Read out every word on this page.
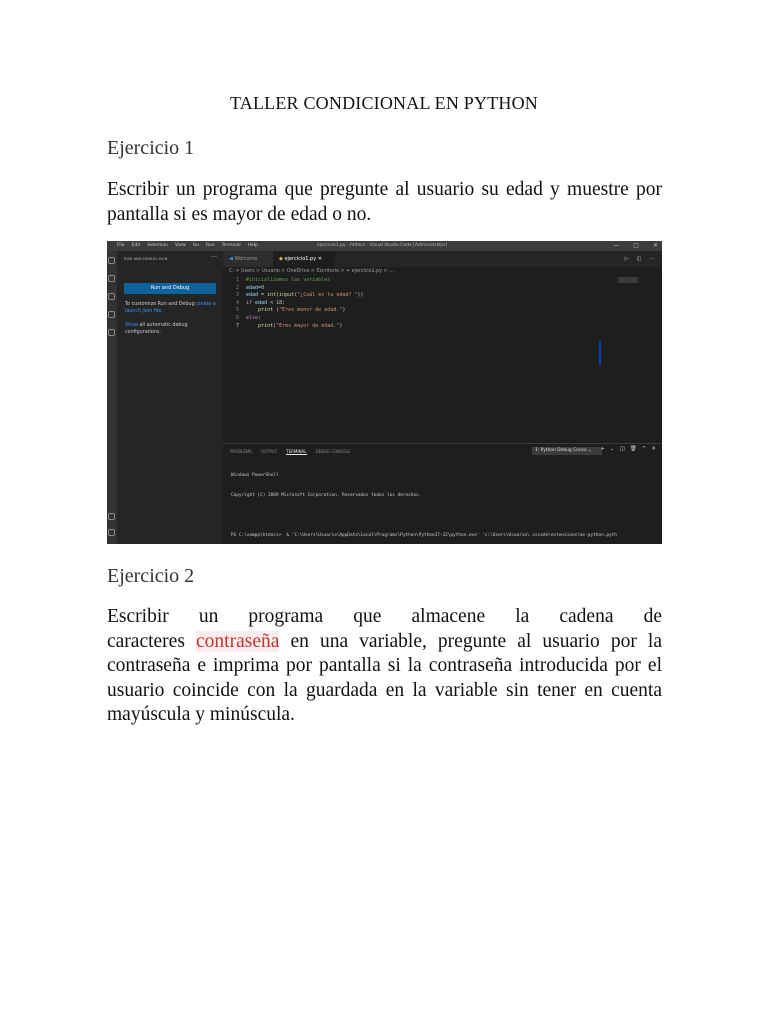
TALLER CONDICIONAL EN PYTHON
Ejercicio 1
Escribir un programa que pregunte al usuario su edad y muestre por
pantalla si es mayor de edad o no.
File Edit Selection View Go Run Terminal Help	ejercicio1.py - htdocs - Visual Studio Code [Administrator]	— ▢ ✕
RUN AND DEBUG: RUN	···
Run and Debug
To customize Run and Debug create a launch.json file.
Show all automatic debug configurations.
◀ Welcome	◆ ejercicio1.py ✕	▷ ◫ ···
C: > Users > Usuario > OneDrive > Escritorio > ✦ ejercicio1.py > ...
1 #inicializamos las variables
2 edad=0
3 edad = int(input("¿Cuál es tu edad? "))
4 if edad < 18:
5	print ("Eres menor de edad.")
6 else:
7	print("Eres mayor de edad.")
PROBLEMS OUTPUT TERMINAL DEBUG CONSOLE	1: Python Debug Conso ⌄	+ ⌄ ◫ 🗑 ^ ✕

Windows PowerShell

Copyright (C) 2009 Microsoft Corporation. Reservados todos los derechos.

PS C:\xampp\htdocs>  & 'C:\Users\Usuario\AppData\Local\Programs\Python\Python37-32\python.exe' 'c:\Users\Usuario\.vscode\extensions\ms-python.pyth

Ejercicio 2
Escribir un programa que almacene la cadena de
caracteres contraseña en una variable, pregunte al usuario por la
contraseña e imprima por pantalla si la contraseña introducida por el
usuario coincide con la guardada en la variable sin tener en cuenta
mayúscula y minúscula.
